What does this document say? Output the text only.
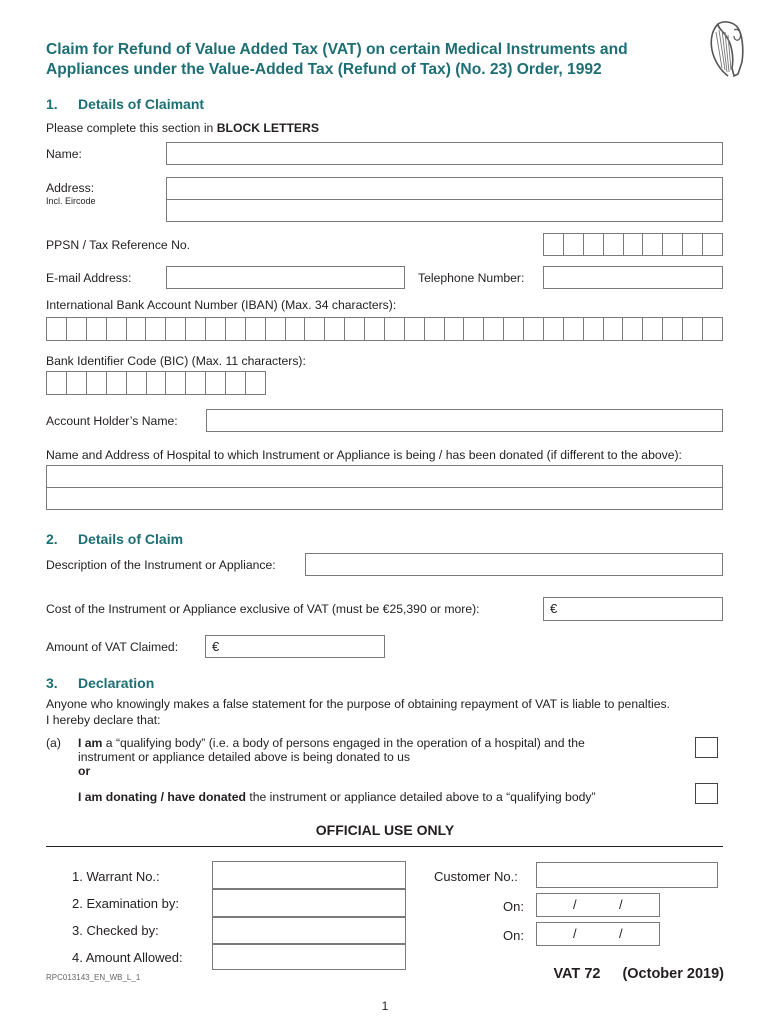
Claim for Refund of Value Added Tax (VAT) on certain Medical Instruments and
Appliances under the Value-Added Tax (Refund of Tax) (No. 23) Order, 1992
1. Details of Claimant
Please complete this section in BLOCK LETTERS
Name:
Address:
Incl. Eircode
PPSN / Tax Reference No.
E-mail Address:	Telephone Number:
International Bank Account Number (IBAN) (Max. 34 characters):
Bank Identifier Code (BIC) (Max. 11 characters):
Account Holder’s Name:
Name and Address of Hospital to which Instrument or Appliance is being / has been donated (if different to the above):
2. Details of Claim
Description of the Instrument or Appliance:
Cost of the Instrument or Appliance exclusive of VAT (must be €25,390 or more):	€
Amount of VAT Claimed:	€
3. Declaration
Anyone who knowingly makes a false statement for the purpose of obtaining repayment of VAT is liable to penalties.
I hereby declare that:
(a) I am a “qualifying body” (i.e. a body of persons engaged in the operation of a hospital) and the
instrument or appliance detailed above is being donated to us
or
I am donating / have donated the instrument or appliance detailed above to a “qualifying body”
OFFICIAL USE ONLY
1. Warrant No.:	Customer No.:
2. Examination by:	On:	/	/
3. Checked by:	On:	/	/
4. Amount Allowed:
RPC013143_EN_WB_L_1	VAT 72 (October 2019)
1
